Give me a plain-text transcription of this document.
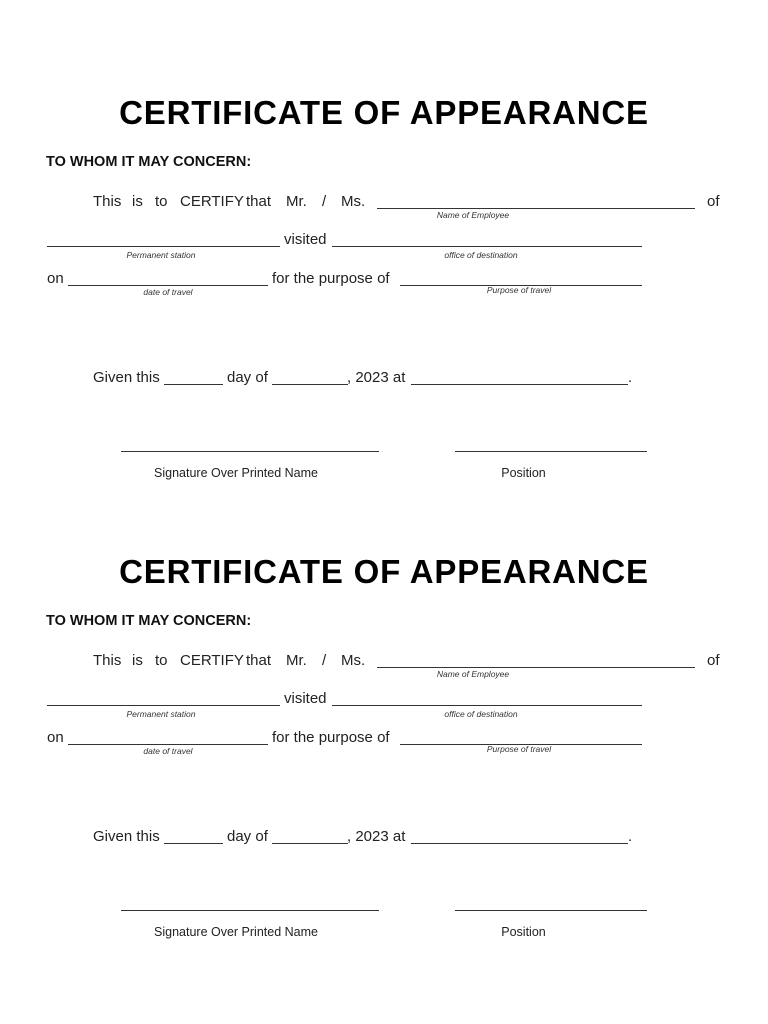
CERTIFICATE OF APPEARANCE
TO WHOM IT MAY CONCERN:
This is to CERTIFY that Mr. / Ms.	of
Name of Employee
Permanent station
visited
office of destination
on
date of travel
for the purpose of
Purpose of travel
Given this	day of	, 2023 at	.
Signature Over Printed Name	Position
CERTIFICATE OF APPEARANCE
TO WHOM IT MAY CONCERN:
This is to CERTIFY that Mr. / Ms.	of
Name of Employee
Permanent station
visited
office of destination
on
date of travel
for the purpose of
Purpose of travel
Given this	day of	, 2023 at	.
Signature Over Printed Name	Position
